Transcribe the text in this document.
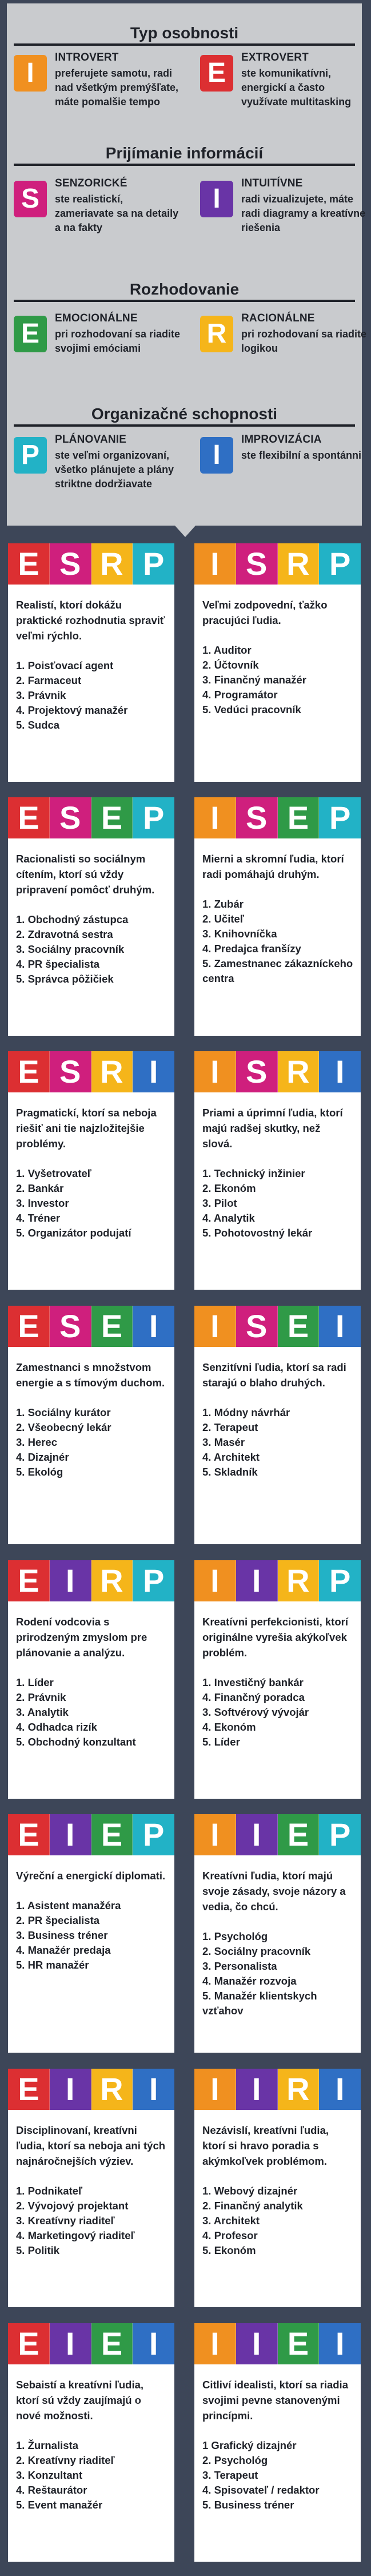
Typ osobnosti
I
INTROVERT
preferujete samotu, radi nad všetkým premýšľate, máte pomalšie tempo
E
EXTROVERT
ste komunikatívni, energickí a často využívate multitasking
Prijímanie informácií
S
SENZORICKÉ
ste realistickí, zameriavate sa na detaily a na fakty
I
INTUITÍVNE
radi vizualizujete, máte radi diagramy a kreatívne riešenia
Rozhodovanie
E
EMOCIONÁLNE
pri rozhodovaní sa riadite svojimi emóciami	R
RACIONÁLNE
pri rozhodovaní sa riadite logikou
Organizačné schopnosti
P
PLÁNOVANIE
ste veľmi organizovaní, všetko plánujete a plány striktne dodržiavate
I
IMPROVIZÁCIA
ste flexibilní a spontánni
E S R P
Realistí, ktorí dokážu praktické rozhodnutia spraviť veľmi rýchlo.
1. Poisťovací agent
2. Farmaceut
3. Právnik
4. Projektový manažér
5. Sudca
I S R P
Veľmi zodpovední, ťažko pracujúci ľudia.
1. Auditor
2. Účtovník
3. Finančný manažér
4. Programátor
5. Vedúci pracovník
E S E P
Racionalisti so sociálnym cítením, ktorí sú vždy pripravení pomôcť druhým.
1. Obchodný zástupca
2. Zdravotná sestra
3. Sociálny pracovník
4. PR špecialista
5. Správca pôžičiek
I S E P
Mierni a skromní ľudia, ktorí radi pomáhajú druhým.
1. Zubár
2. Učiteľ
3. Knihovníčka
4. Predajca franšízy
5. Zamestnanec zákazníckeho centra
E S R I
Pragmatickí, ktorí sa neboja riešiť ani tie najzložitejšie problémy.
1. Vyšetrovateľ
2. Bankár
3. Investor
4. Tréner
5. Organizátor podujatí
I S R I
Priami a úprimní ľudia, ktorí majú radšej skutky, než slová.
1. Technický inžinier
2. Ekonóm
3. Pilot
4. Analytik
5. Pohotovostný lekár
E S E I
Zamestnanci s množstvom energie a s tímovým duchom.
1. Sociálny kurátor
2. Všeobecný lekár
3. Herec
4. Dizajnér
5. Ekológ
I S E I
Senzitívni ľudia, ktorí sa radi starajú o blaho druhých.
1. Módny návrhár
2. Terapeut
3. Masér
4. Architekt
5. Skladník
E I R P
Rodení vodcovia s prirodzeným zmyslom pre plánovanie a analýzu.
1. Líder
2. Právnik
3. Analytik
4. Odhadca rizík
5. Obchodný konzultant
I	I R P
Kreatívni perfekcionisti, ktorí originálne vyrešia akýkoľvek problém.
1. Investičný bankár
4. Finančný poradca
3. Softvérový vývojár
4. Ekonóm
5. Líder
E I E P
Výreční a energickí diplomati.
1. Asistent manažéra
2. PR špecialista
3. Business tréner
4. Manažér predaja
5. HR manažér
I	I E P
Kreatívni ľudia, ktorí majú svoje zásady, svoje názory a vedia, čo chcú.
1. Psychológ
2. Sociálny pracovník
3. Personalista
4. Manažér rozvoja
5. Manažér klientskych vzťahov
E I R I
Disciplinovaní, kreatívni ľudia, ktorí sa neboja ani tých najnáročnejších výziev.
1. Podnikateľ
2. Vývojový projektant
3. Kreatívny riaditeľ
4. Marketingový riaditeľ
5. Politik
I	I R I
Nezávislí, kreatívni ľudia, ktorí si hravo poradia s akýmkoľvek problémom.
1. Webový dizajnér
2. Finančný analytik
3. Architekt
4. Profesor
5. Ekonóm
E I E I
Sebaistí a kreatívni ľudia, ktorí sú vždy zaujímajú o nové možnosti.
1. Žurnalista
2. Kreatívny riaditeľ
3. Konzultant
4. Reštaurátor
5. Event manažér
I	I E I
Citliví idealisti, ktorí sa riadia svojimi pevne stanovenými princípmi.
1 Grafický dizajnér
2. Psychológ
3. Terapeut
4. Spisovateľ / redaktor
5. Business tréner
